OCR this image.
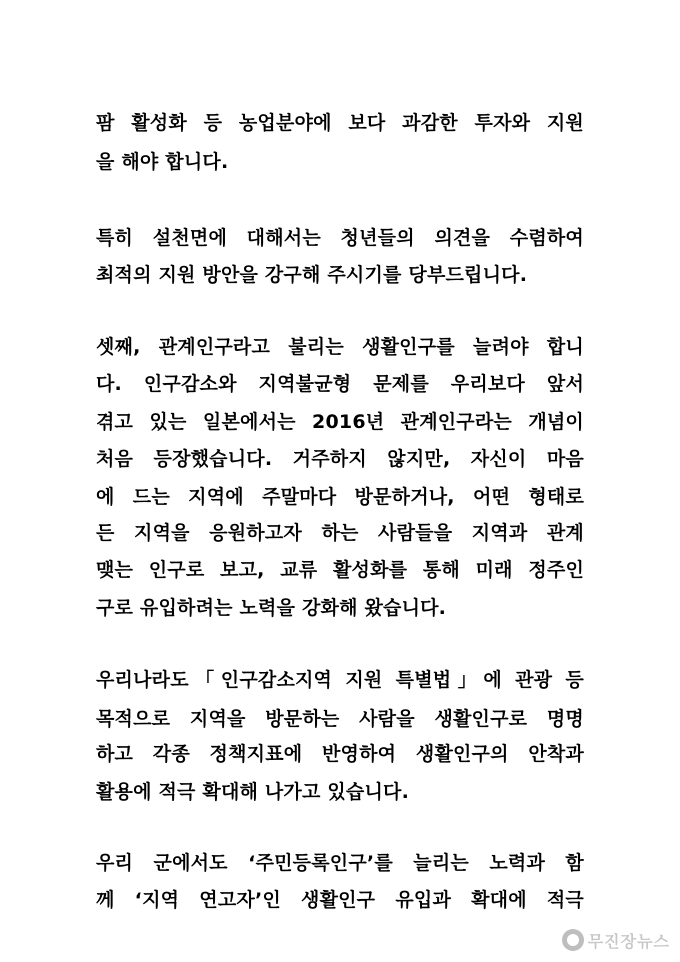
팜 활성화 등 농업분야에 보다 과감한 투자와 지원
을 해야 합니다.
특히 설천면에 대해서는 청년들의 의견을 수렴하여
최적의 지원 방안을 강구해 주시기를 당부드립니다.
셋째, 관계인구라고 불리는 생활인구를 늘려야 합니
다. 인구감소와 지역불균형 문제를 우리보다 앞서
겪고 있는 일본에서는 2016년 관계인구라는 개념이
처음 등장했습니다. 거주하지 않지만, 자신이 마음
에 드는 지역에 주말마다 방문하거나, 어떤 형태로
든 지역을 응원하고자 하는 사람들을 지역과 관계
맺는 인구로 보고, 교류 활성화를 통해 미래 정주인
구로 유입하려는 노력을 강화해 왔습니다.
우리나라도「인구감소지역 지원 특별법」에 관광 등
목적으로 지역을 방문하는 사람을 생활인구로 명명
하고 각종 정책지표에 반영하여 생활인구의 안착과
활용에 적극 확대해 나가고 있습니다.
우리 군에서도 ‘주민등록인구’를 늘리는 노력과 함
께 ‘지역 연고자’인 생활인구 유입과 확대에 적극
무진장뉴스
